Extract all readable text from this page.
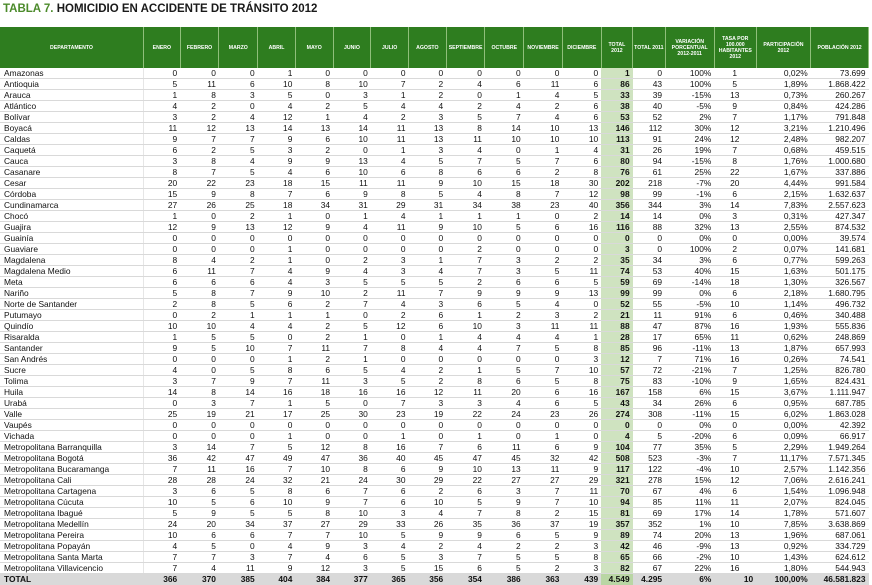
TABLA 7. HOMICIDIO EN ACCIDENTE DE TRÁNSITO 2012
DEPARTAMENTO	ENERO	FEBRERO	MARZO	ABRIL	MAYO	JUNIO	JULIO	AGOSTO	SEPTIEMBRE	OCTUBRE	NOVIEMBRE	DICIEMBRE	TOTAL 2012	TOTAL 2011	VARIACIÓN PORCENTUAL 2012-2011	TASA POR 100.000 HABITANTES 2012	PARTICIPACIÓN 2012	POBLACIÓN 2012
Amazonas	0	0	0	1	0	0	0	0	0	0	0	0	1	0	100%	1	0,02%	73.699
Antioquia	5	11	6	10	8	10	7	2	4	6	11	6	86	43	100%	5	1,89%	1.868.422
Arauca	1	8	3	5	0	3	1	2	0	1	4	5	33	39	-15%	13	0,73%	260.267
Atlántico	4	2	0	4	2	5	4	4	2	4	2	6	38	40	-5%	9	0,84%	424.286
Bolívar	3	2	4	12	1	4	2	3	5	7	4	6	53	52	2%	7	1,17%	791.848
Boyacá	11	12	13	14	13	14	11	13	8	14	10	13	146	112	30%	12	3,21%	1.210.496
Caldas	9	7	7	9	6	10	11	13	11	10	10	10	113	91	24%	12	2,48%	982.207
Caquetá	6	2	5	3	2	0	1	3	4	0	1	4	31	26	19%	7	0,68%	459.515
Cauca	3	8	4	9	9	13	4	5	7	5	7	6	80	94	-15%	8	1,76%	1.000.680
Casanare	8	7	5	4	6	10	6	8	6	6	2	8	76	61	25%	22	1,67%	337.886
Cesar	20	22	23	18	15	11	11	9	10	15	18	30	202	218	-7%	20	4,44%	991.584
Córdoba	15	9	8	7	6	9	8	5	4	8	7	12	98	99	-1%	6	2,15%	1.632.637
Cundinamarca	27	26	25	18	34	31	29	31	34	38	23	40	356	344	3%	14	7,83%	2.557.623
Chocó	1	0	2	1	0	1	4	1	1	1	0	2	14	14	0%	3	0,31%	427.347
Guajira	12	9	13	12	9	4	11	9	10	5	6	16	116	88	32%	13	2,55%	874.532
Guainía	0	0	0	0	0	0	0	0	0	0	0	0	0	0	0%	0	0,00%	39.574
Guaviare	0	0	0	1	0	0	0	0	2	0	0	0	3	0	100%	2	0,07%	141.681
Magdalena	8	4	2	1	0	2	3	1	7	3	2	2	35	34	3%	6	0,77%	599.263
Magdalena Medio	6	11	7	4	9	4	3	4	7	3	5	11	74	53	40%	15	1,63%	501.175
Meta	6	6	6	4	3	5	5	5	2	6	6	5	59	69	-14%	18	1,30%	326.567
Nariño	5	8	7	9	10	2	11	7	9	9	9	13	99	99	0%	6	2,18%	1.680.795
Norte de Santander	2	8	5	6	2	7	4	3	6	5	4	0	52	55	-5%	10	1,14%	496.732
Putumayo	0	2	1	1	1	0	2	6	1	2	3	2	21	11	91%	6	0,46%	340.488
Quindío	10	10	4	4	2	5	12	6	10	3	11	11	88	47	87%	16	1,93%	555.836
Risaralda	1	5	5	0	2	1	0	1	4	4	4	1	28	17	65%	11	0,62%	248.869
Santander	9	5	10	7	11	7	8	4	4	7	5	8	85	96	-11%	13	1,87%	657.993
San Andrés	0	0	0	1	2	1	0	0	0	0	0	3	12	7	71%	16	0,26%	74.541
Sucre	4	0	5	8	6	5	4	2	1	5	7	10	57	72	-21%	7	1,25%	826.780
Tolima	3	7	9	7	11	3	5	2	8	6	5	8	75	83	-10%	9	1,65%	824.431
Huila	14	8	14	16	18	16	16	12	11	20	6	16	167	158	6%	15	3,67%	1.111.947
Urabá	0	3	7	1	5	0	7	3	3	4	6	5	43	34	26%	6	0,95%	687.785
Valle	25	19	21	17	25	30	23	19	22	24	23	26	274	308	-11%	15	6,02%	1.863.028
Vaupés	0	0	0	0	0	0	0	0	0	0	0	0	0	0	0%	0	0,00%	42.392
Vichada	0	0	0	1	0	0	1	0	1	0	1	0	4	5	-20%	6	0,09%	66.917
Metropolitana Barranquilla	3	14	7	5	12	8	16	7	6	11	6	9	104	77	35%	5	2,29%	1.949.264
Metropolitana Bogotá	36	42	47	49	47	36	40	45	47	45	32	42	508	523	-3%	7	11,17%	7.571.345
Metropolitana Bucaramanga	7	11	16	7	10	8	6	9	10	13	11	9	117	122	-4%	10	2,57%	1.142.356
Metropolitana Cali	28	28	24	32	21	24	30	29	22	27	27	29	321	278	15%	12	7,06%	2.616.241
Metropolitana Cartagena	3	6	5	8	6	7	6	2	6	3	7	11	70	67	4%	6	1,54%	1.096.948
Metropolitana Cúcuta	10	5	6	10	9	7	6	10	5	9	7	10	94	85	11%	11	2,07%	824.045
Metropolitana Ibagué	5	9	5	5	8	10	3	4	7	8	2	15	81	69	17%	14	1,78%	571.607
Metropolitana Medellín	24	20	34	37	27	29	33	26	35	36	37	19	357	352	1%	10	7,85%	3.638.869
Metropolitana Pereira	10	6	6	7	7	10	5	9	9	6	5	9	89	74	20%	13	1,96%	687.061
Metropolitana Popayán	4	5	0	4	9	3	4	2	4	2	2	3	42	46	-9%	13	0,92%	334.729
Metropolitana Santa Marta	7	7	3	7	4	6	5	3	7	5	5	8	65	66	-2%	10	1,43%	624.612
Metropolitana Villavicencio	7	4	11	9	12	3	5	15	6	5	2	3	82	67	22%	16	1,80%	544.943
TOTAL	366	370	385	404	384	377	365	356	354	386	363	439	4.549	4.295	6%	10	100,00%	46.581.823
